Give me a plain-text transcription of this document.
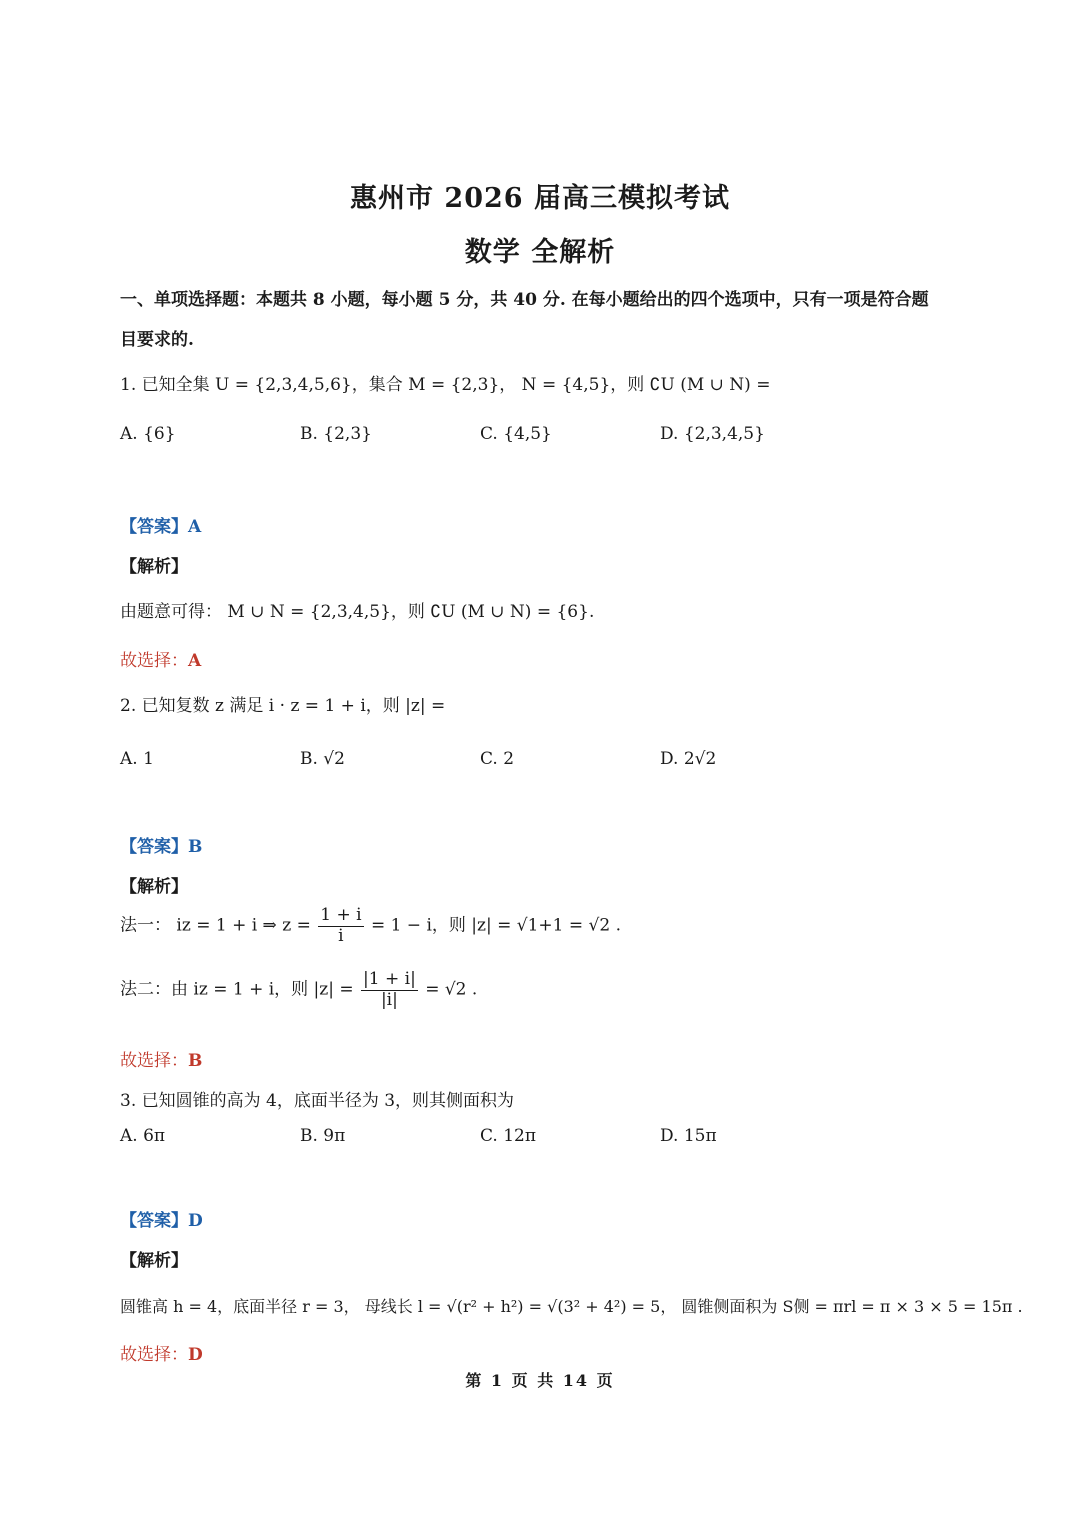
惠州市 2026 届高三模拟考试
数学 全解析
一、单项选择题：本题共 8 小题，每小题 5 分，共 40 分. 在每小题给出的四个选项中，只有一项是符合题
目要求的.
1. 已知全集 U = {2,3,4,5,6}，集合 M = {2,3}， N = {4,5}，则 ∁U (M ∪ N) =
A. {6}	B. {2,3}	C. {4,5}	D. {2,3,4,5}
【答案】A
【解析】
由题意可得： M ∪ N = {2,3,4,5}，则 ∁U (M ∪ N) = {6}.
故选择：A
2. 已知复数 z 满足 i · z = 1 + i，则 |z| =
A. 1	B. √2	C. 2	D. 2√2
【答案】B
【解析】
法一： iz = 1 + i ⇒ $z = \frac{1 + i}{i} = 1 - i$，则 |z| = √1+1 = √2 .
法二：由 iz = 1 + i，则 $|z| = \frac{|1 + i|}{|i|} = √2$ .
故选择：B
3. 已知圆锥的高为 4，底面半径为 3，则其侧面积为
A. 6π	B. 9π	C. 12π	D. 15π
【答案】D
【解析】
圆锥高 h = 4，底面半径 r = 3， 母线长 l = √(r² + h²) = √(3² + 4²) = 5， 圆锥侧面积为 S侧 = πrl = π × 3 × 5 = 15π .
故选择：D
第 1 页 共 14 页
